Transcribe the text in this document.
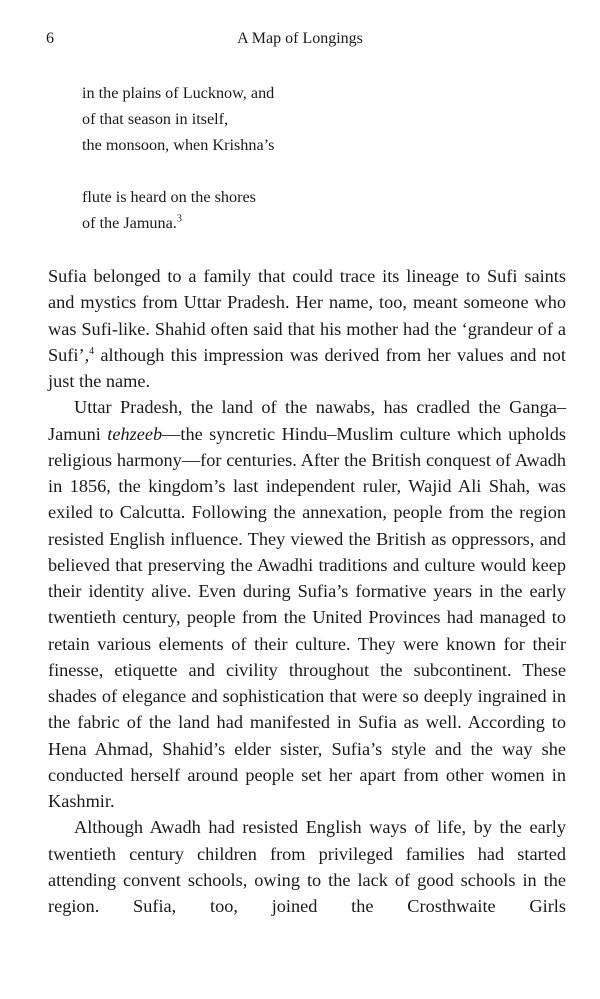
6	A Map of Longings
in the plains of Lucknow, and
of that season in itself,
the monsoon, when Krishna’s
flute is heard on the shores
of the Jamuna.$^3$

Sufia belonged to a family that could trace its lineage to Sufi saints and mystics from Uttar Pradesh. Her name, too, meant someone who was Sufi-like. Shahid often said that his mother had the ‘grandeur of a Sufi’,$^4$ although this impression was derived from her values and not just the name.

Uttar Pradesh, the land of the nawabs, has cradled the Ganga–Jamuni tehzeeb—the syncretic Hindu–Muslim culture which upholds religious harmony—for centuries. After the British conquest of Awadh in 1856, the kingdom’s last independent ruler, Wajid Ali Shah, was exiled to Calcutta. Following the annexation, people from the region resisted English influence. They viewed the British as oppressors, and believed that preserving the Awadhi traditions and culture would keep their identity alive. Even during Sufia’s formative years in the early twentieth century, people from the United Provinces had managed to retain various elements of their culture. They were known for their finesse, etiquette and civility throughout the subcontinent. These shades of elegance and sophistication that were so deeply ingrained in the fabric of the land had manifested in Sufia as well. According to Hena Ahmad, Shahid’s elder sister, Sufia’s style and the way she conducted herself around people set her apart from other women in Kashmir.

Although Awadh had resisted English ways of life, by the early twentieth century children from privileged families had started attending convent schools, owing to the lack of good schools in the region. Sufia, too, joined the Crosthwaite Girls
